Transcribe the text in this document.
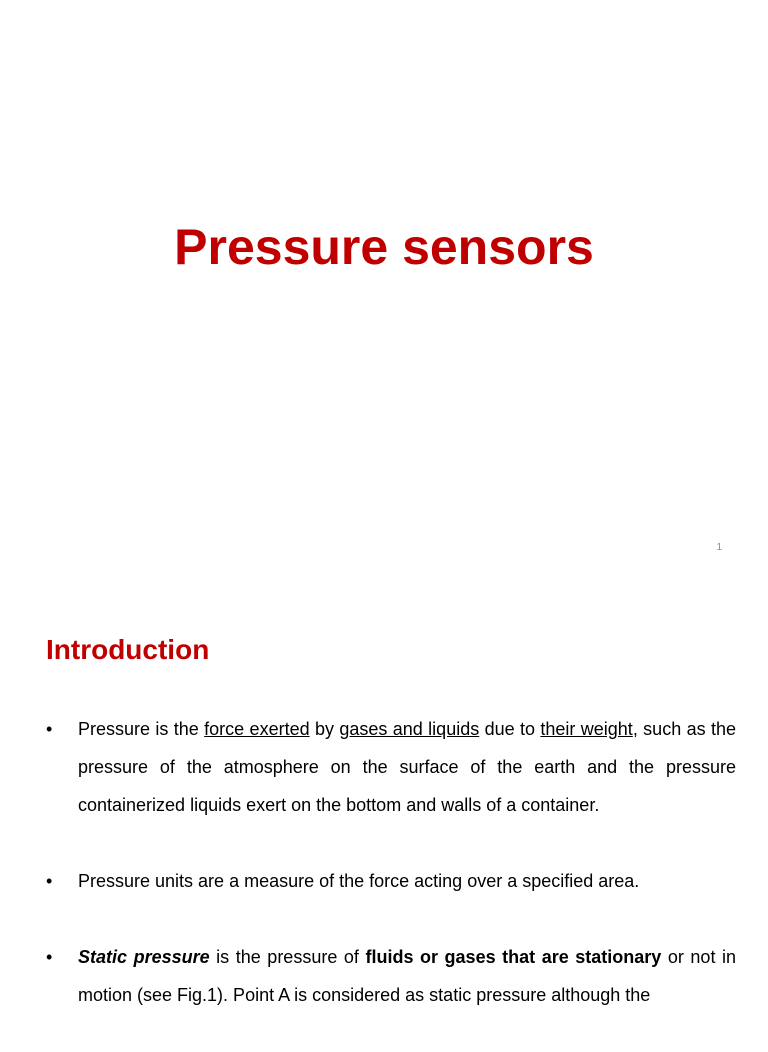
Pressure sensors
1
Introduction
• Pressure is the force exerted by gases and liquids due to their weight, such as the pressure of the atmosphere on the surface of the earth and the pressure containerized liquids exert on the bottom and walls of a container.
• Pressure units are a measure of the force acting over a specified area.
• Static pressure is the pressure of fluids or gases that are stationary or not in motion (see Fig.1). Point A is considered as static pressure although the
